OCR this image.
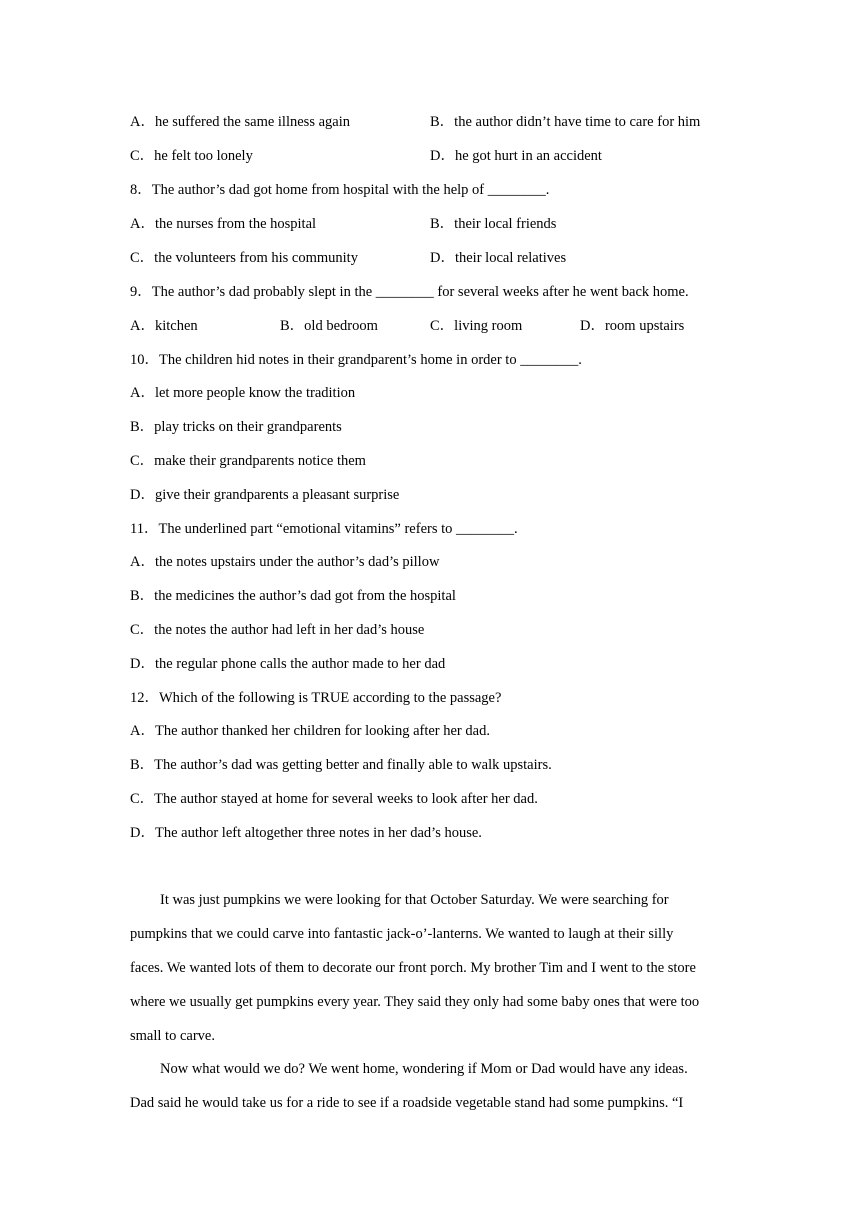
A．he suffered the same illness again	B．the author didn’t have time to care for him
C．he felt too lonely	D．he got hurt in an accident
8．The author’s dad got home from hospital with the help of ________.
A．the nurses from the hospital	B．their local friends
C．the volunteers from his community	D．their local relatives
9．The author’s dad probably slept in the ________ for several weeks after he went back home.
A．kitchen	B．old bedroom	C．living room	D．room upstairs
10．The children hid notes in their grandparent’s home in order to ________.
A．let more people know the tradition
B．play tricks on their grandparents
C．make their grandparents notice them
D．give their grandparents a pleasant surprise
11．The underlined part “emotional vitamins” refers to ________.
A．the notes upstairs under the author’s dad’s pillow
B．the medicines the author’s dad got from the hospital
C．the notes the author had left in her dad’s house
D．the regular phone calls the author made to her dad
12．Which of the following is TRUE according to the passage?
A．The author thanked her children for looking after her dad.
B．The author’s dad was getting better and finally able to walk upstairs.
C．The author stayed at home for several weeks to look after her dad.
D．The author left altogether three notes in her dad’s house.
It was just pumpkins we were looking for that October Saturday. We were searching for
pumpkins that we could carve into fantastic jack-o’-lanterns. We wanted to laugh at their silly
faces. We wanted lots of them to decorate our front porch. My brother Tim and I went to the store
where we usually get pumpkins every year. They said they only had some baby ones that were too
small to carve.
Now what would we do? We went home, wondering if Mom or Dad would have any ideas.
Dad said he would take us for a ride to see if a roadside vegetable stand had some pumpkins. “I
